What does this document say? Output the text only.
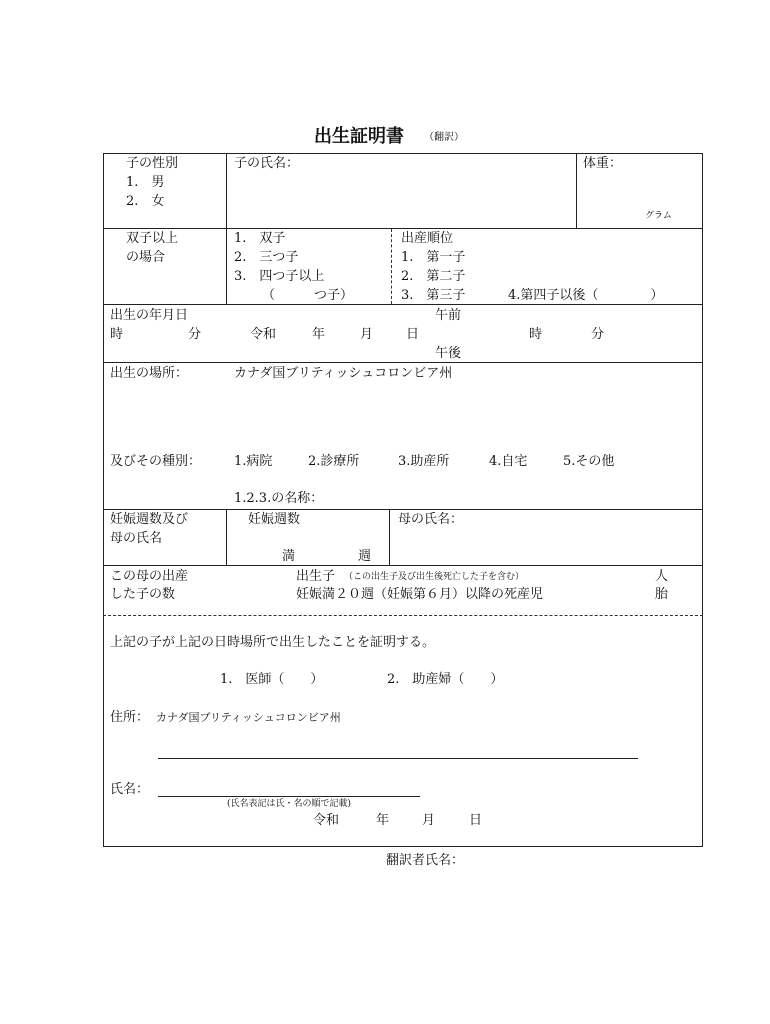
出生証明書 （翻訳）
子の性別
1.　男
2.　女
子の氏名：	体重：
グラム
双子以上
の場合
1.　双子
2.　三つ子
3.　四つ子以上
（　　　つ子）
出産順位
1.　第一子
2.　第二子
3.　第三子	4.第四子以後（　　　　）
出生の年月日
時	分	令和	年	月	日
午前
午後
時	分
出生の場所：	カナダ国ブリティッシュコロンビア州
及びその種別：	1.病院	2.診療所	3.助産所	4.自宅	5.その他
1.2.3.の名称：
妊娠週数及び
母の氏名
妊娠週数
満	週
母の氏名：
この母の出産
した子の数
出生子 （この出生子及び出生後死亡した子を含む）	人
妊娠満２０週（妊娠第６月）以降の死産児	胎
上記の子が上記の日時場所で出生したことを証明する。
1.　医師（　　）	2.　助産婦（　　）
住所： カナダ国ブリティッシュコロンビア州
氏名：
(氏名表記は氏・名の順で記載)
令和	年	月	日
翻訳者氏名：
